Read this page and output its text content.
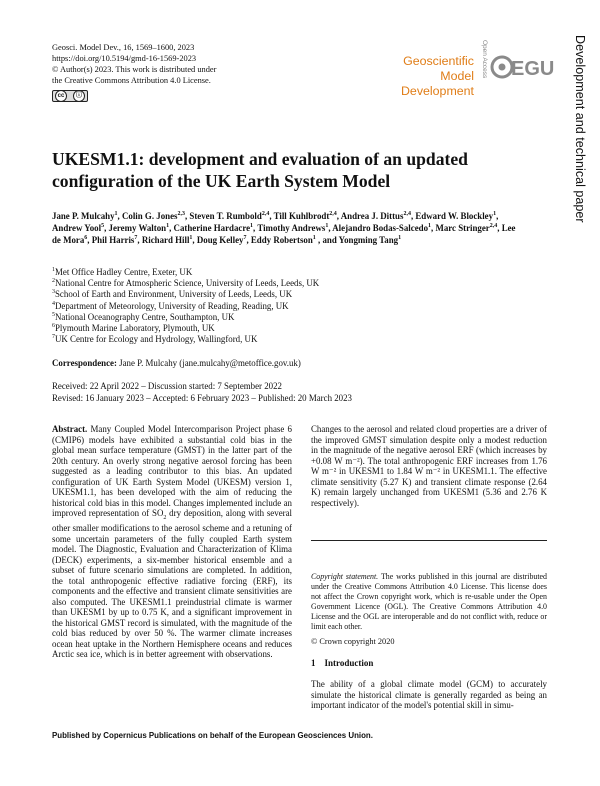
Geosci. Model Dev., 16, 1569–1600, 2023
https://doi.org/10.5194/gmd-16-1569-2023
© Author(s) 2023. This work is distributed under
the Creative Commons Attribution 4.0 License.
cc	ⓘ
Geoscientific
Model Development
Open Access EGU Development and technical paper
UKESM1.1: development and evaluation of an updated
configuration of the UK Earth System Model
Jane P. Mulcahy$^1$, Colin G. Jones$^{2,3}$, Steven T. Rumbold$^{2,4}$, Till Kuhlbrodt$^{2,4}$, Andrea J. Dittus$^{2,4}$, Edward W. Blockley$^1$, Andrew Yool$^5$, Jeremy Walton$^1$, Catherine Hardacre$^1$, Timothy Andrews$^1$, Alejandro Bodas-Salcedo$^1$, Marc Stringer$^{2,4}$, Lee de Mora$^6$, Phil Harris$^7$, Richard Hill$^1$, Doug Kelley$^7$, Eddy Robertson$^1$ , and Yongming Tang$^1$
$^1$Met Office Hadley Centre, Exeter, UK
$^2$National Centre for Atmospheric Science, University of Leeds, Leeds, UK
$^3$School of Earth and Environment, University of Leeds, Leeds, UK
$^4$Department of Meteorology, University of Reading, Reading, UK
$^5$National Oceanography Centre, Southampton, UK
$^6$Plymouth Marine Laboratory, Plymouth, UK
$^7$UK Centre for Ecology and Hydrology, Wallingford, UK
Correspondence: Jane P. Mulcahy (jane.mulcahy@metoffice.gov.uk)
Received: 22 April 2022 – Discussion started: 7 September 2022
Revised: 16 January 2023 – Accepted: 6 February 2023 – Published: 20 March 2023

Abstract. Many Coupled Model Intercomparison Project phase 6 (CMIP6) models have exhibited a substantial cold bias in the global mean surface temperature (GMST) in the latter part of the 20th century. An overly strong negative aerosol forcing has been suggested as a leading contributor to this bias. An updated configuration of UK Earth System Model (UKESM) version 1, UKESM1.1, has been developed with the aim of reducing the historical cold bias in this model. Changes implemented include an improved representation of $SO_2$ dry deposition, along with several other smaller modifications to the aerosol scheme and a retuning of some uncertain parameters of the fully coupled Earth system model. The Diagnostic, Evaluation and Characterization of Klima (DECK) experiments, a six-member historical ensemble and a subset of future scenario simulations are completed. In addition, the total anthropogenic effective radiative forcing (ERF), its components and the effective and transient climate sensitivities are also computed. The UKESM1.1 preindustrial climate is warmer than UKESM1 by up to 0.75 K, and a significant improvement in the historical GMST record is simulated, with the magnitude of the cold bias reduced by over 50 %. The warmer climate increases ocean heat uptake in the Northern Hemisphere oceans and reduces Arctic sea ice, which is in better agreement with observations.

Changes to the aerosol and related cloud properties are a driver of the improved GMST simulation despite only a modest reduction in the magnitude of the negative aerosol ERF (which increases by +0.08 W m⁻²). The total anthropogenic ERF increases from 1.76 W m⁻² in UKESM1 to 1.84 W m⁻² in UKESM1.1. The effective climate sensitivity (5.27 K) and transient climate response (2.64 K) remain largely unchanged from UKESM1 (5.36 and 2.76 K respectively).

Copyright statement. The works published in this journal are distributed under the Creative Commons Attribution 4.0 License. This license does not affect the Crown copyright work, which is re-usable under the Open Government Licence (OGL). The Creative Commons Attribution 4.0 License and the OGL are interoperable and do not conflict with, reduce or limit each other.
© Crown copyright 2020
1 Introduction
The ability of a global climate model (GCM) to accurately simulate the historical climate is generally regarded as being an important indicator of the model's potential skill in simu-
Published by Copernicus Publications on behalf of the European Geosciences Union.
